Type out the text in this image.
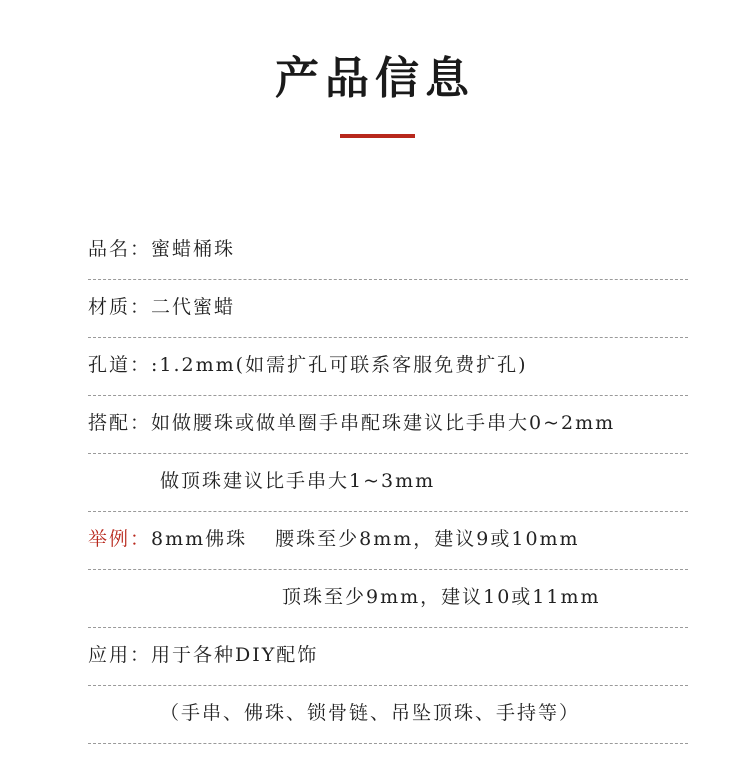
产品信息
品名：蜜蜡桶珠
材质：二代蜜蜡
孔道：:1.2mm(如需扩孔可联系客服免费扩孔)
搭配：如做腰珠或做单圈手串配珠建议比手串大0~2mm
做顶珠建议比手串大1~3mm
举例：8mm佛珠 腰珠至少8mm，建议9或10mm
顶珠至少9mm，建议10或11mm
应用：用于各种DIY配饰
（手串、佛珠、锁骨链、吊坠顶珠、手持等）
